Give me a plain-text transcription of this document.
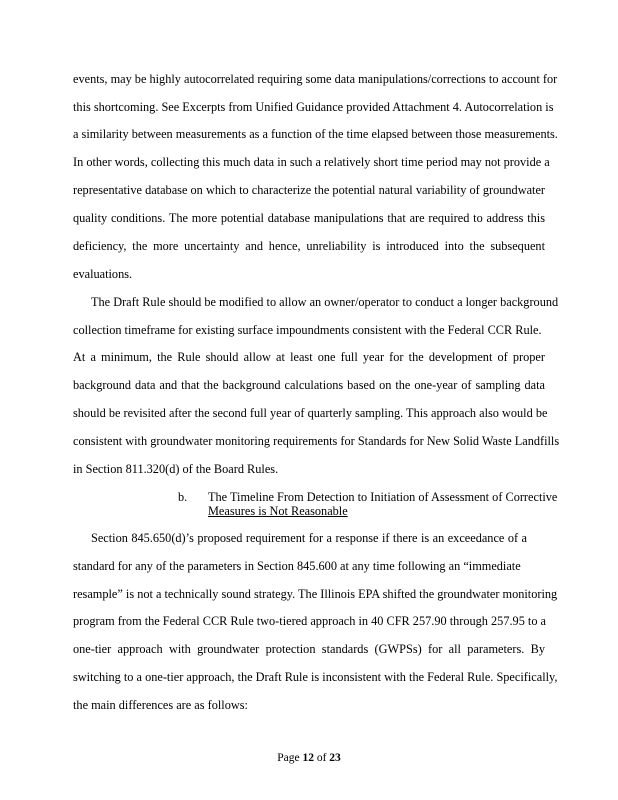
events, may be highly autocorrelated requiring some data manipulations/corrections to account for
this shortcoming. See Excerpts from Unified Guidance provided Attachment 4. Autocorrelation is
a similarity between measurements as a function of the time elapsed between those measurements.
In other words, collecting this much data in such a relatively short time period may not provide a
representative database on which to characterize the potential natural variability of groundwater
quality conditions. The more potential database manipulations that are required to address this
deficiency, the more uncertainty and hence, unreliability is introduced into the subsequent
evaluations.
The Draft Rule should be modified to allow an owner/operator to conduct a longer background
collection timeframe for existing surface impoundments consistent with the Federal CCR Rule.
At a minimum, the Rule should allow at least one full year for the development of proper
background data and that the background calculations based on the one-year of sampling data
should be revisited after the second full year of quarterly sampling. This approach also would be
consistent with groundwater monitoring requirements for Standards for New Solid Waste Landfills
in Section 811.320(d) of the Board Rules.
b. The Timeline From Detection to Initiation of Assessment of Corrective
Measures is Not Reasonable
Section 845.650(d)’s proposed requirement for a response if there is an exceedance of a
standard for any of the parameters in Section 845.600 at any time following an “immediate
resample” is not a technically sound strategy. The Illinois EPA shifted the groundwater monitoring
program from the Federal CCR Rule two-tiered approach in 40 CFR 257.90 through 257.95 to a
one-tier approach with groundwater protection standards (GWPSs) for all parameters. By
switching to a one-tier approach, the Draft Rule is inconsistent with the Federal Rule. Specifically,
the main differences are as follows:
Page 12 of 23
